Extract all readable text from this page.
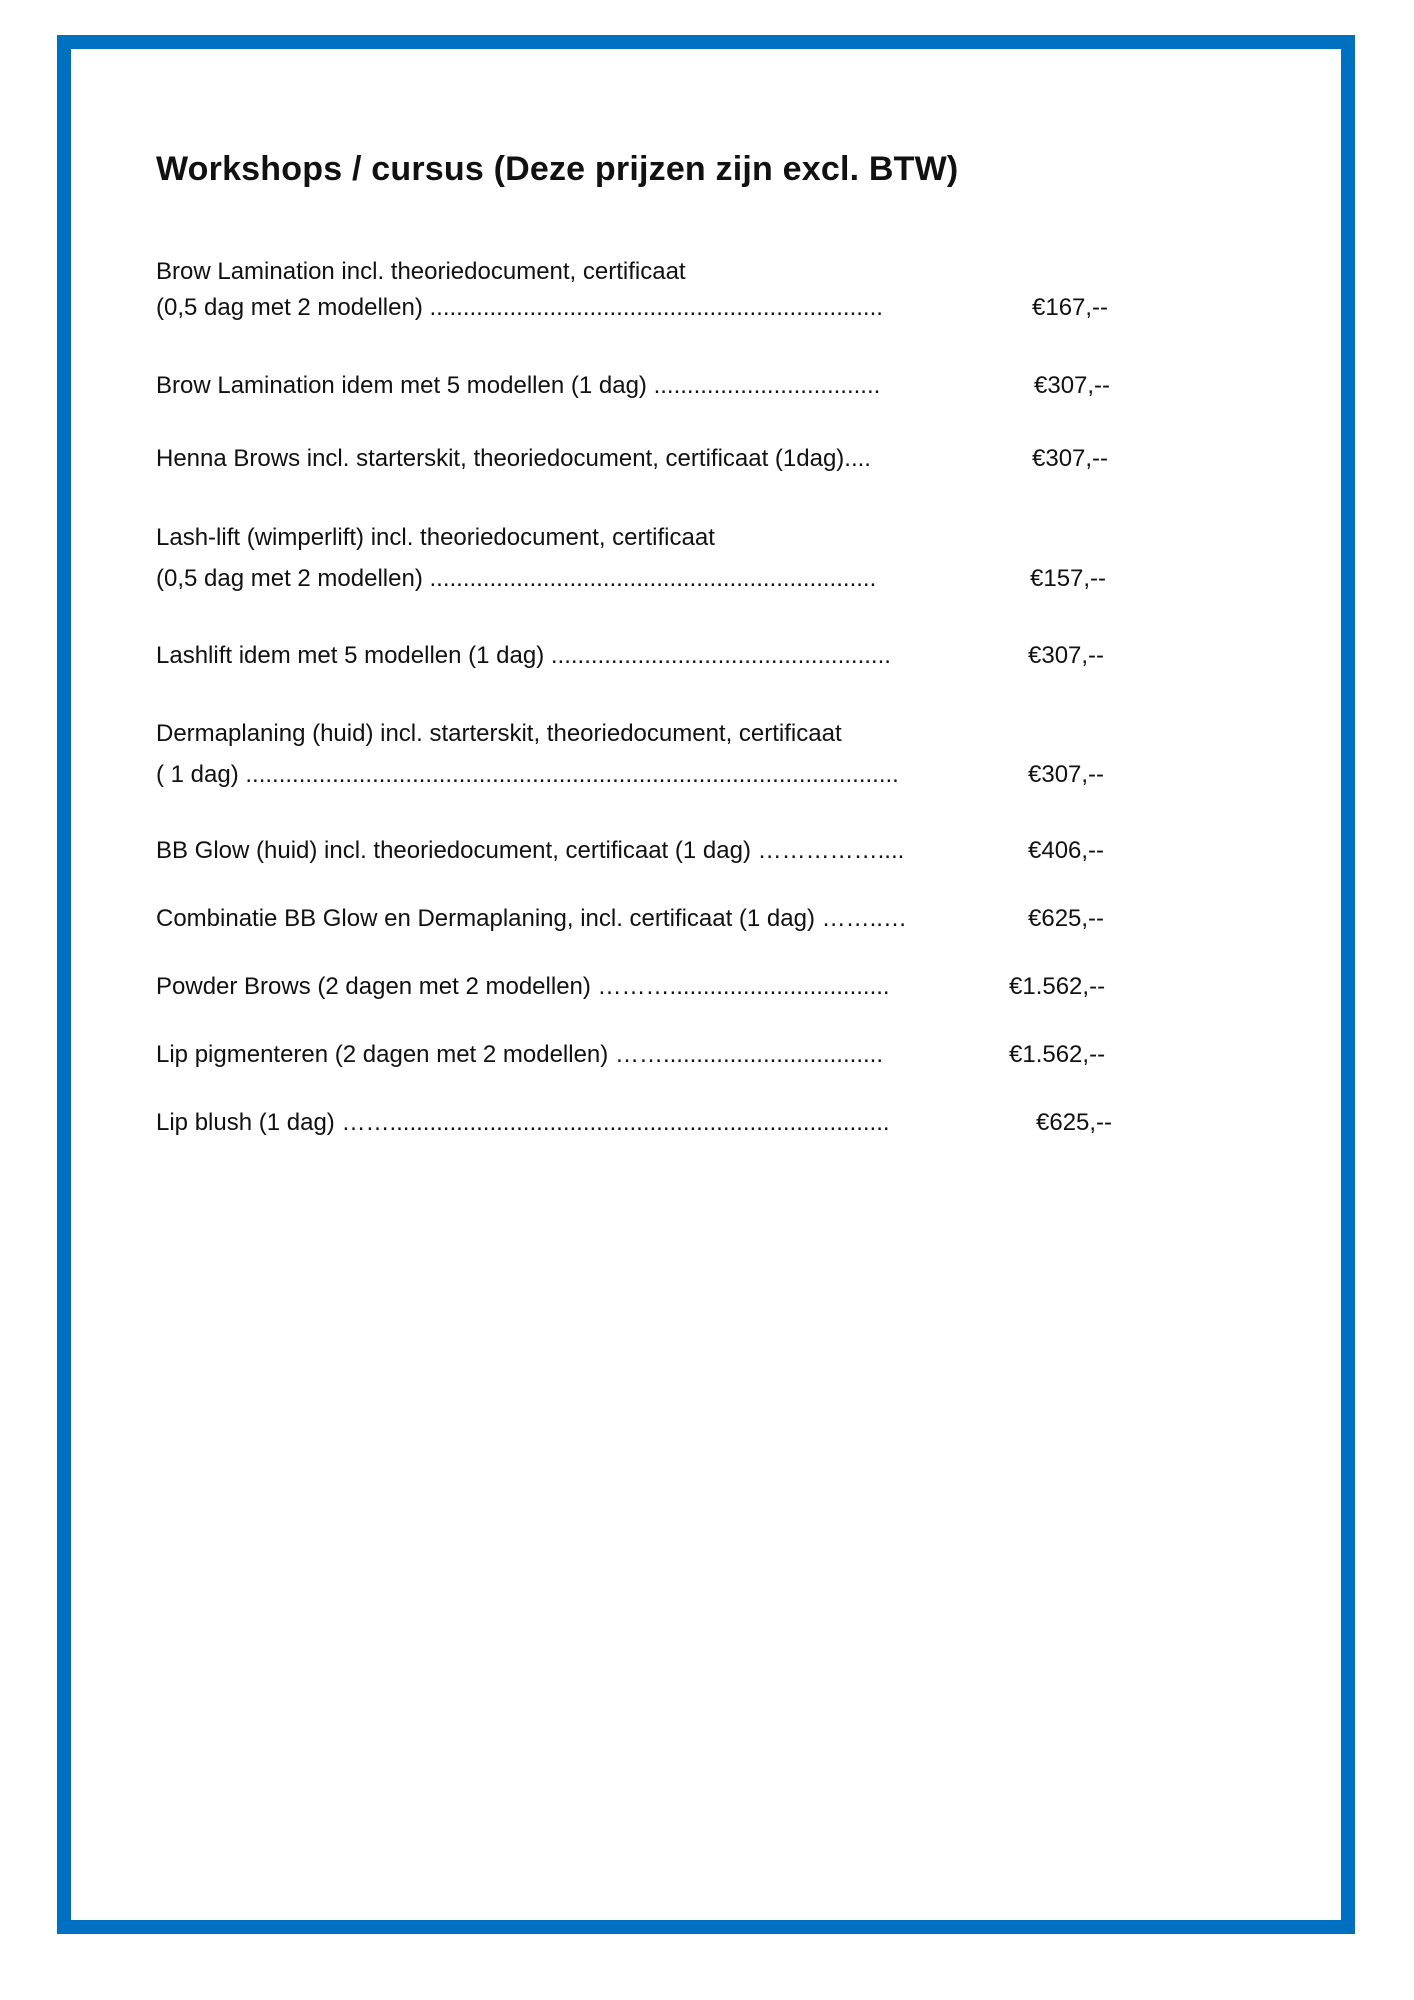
Workshops / cursus (Deze prijzen zijn excl. BTW)
Brow Lamination incl. theoriedocument, certificaat
(0,5 dag met 2 modellen) ....................................................................	€167,--
Brow Lamination idem met 5 modellen (1 dag) ..................................	€307,--
Henna Brows incl. starterskit, theoriedocument, certificaat (1dag)....	€307,--
Lash-lift (wimperlift) incl. theoriedocument, certificaat
(0,5 dag met 2 modellen) ...................................................................	€157,--
Lashlift idem met 5 modellen (1 dag) ...................................................	€307,--
Dermaplaning (huid) incl. starterskit, theoriedocument, certificaat
( 1 dag) ..................................................................................................	€307,--
BB Glow (huid) incl. theoriedocument, certificaat (1 dag) ……………....	€406,--
Combinatie BB Glow en Dermaplaning, incl. certificaat (1 dag) ……..…	€625,--
Powder Brows (2 dagen met 2 modellen) ……….................................	€1.562,--
Lip pigmenteren (2 dagen met 2 modellen) …….................................	€1.562,--
Lip blush (1 dag) ……...........................................................................	€625,--
